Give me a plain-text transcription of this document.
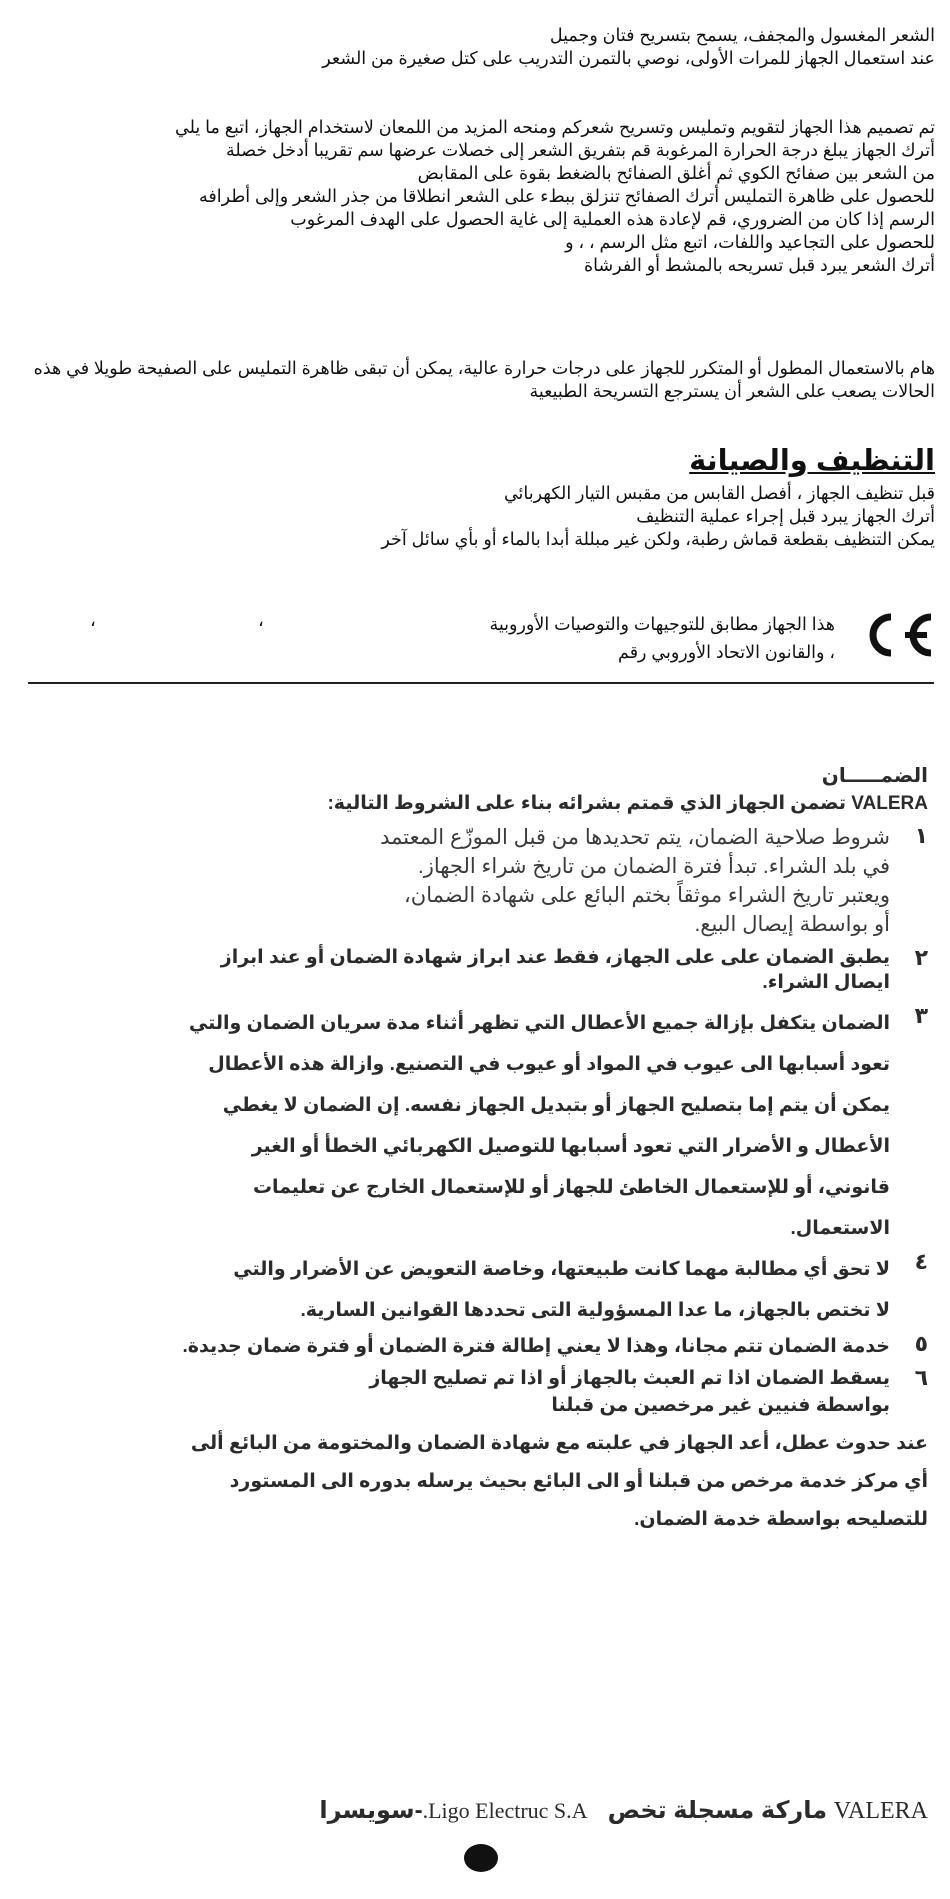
الشعر المغسول والمجفف، يسمح بتسريح فتان وجميل

عند استعمال الجهاز للمرات الأولى، نوصي بالتمرن التدريب على كتل صغيرة من الشعر

تم تصميم هذا الجهاز لتقويم وتمليس وتسريح شعركم ومنحه المزيد من اللمعان لاستخدام الجهاز، اتبع ما يلي

أترك الجهاز يبلغ درجة الحرارة المرغوبة قم بتفريق الشعر إلى خصلات عرضها سم تقريبا أدخل خصلة

من الشعر بين صفائح الكوي ثم أغلق الصفائح بالضغط بقوة على المقابض

للحصول على ظاهرة التمليس أترك الصفائح تنزلق ببطء على الشعر انطلاقا من جذر الشعر وإلى أطرافه

الرسم إذا كان من الضروري، قم لإعادة هذه العملية إلى غاية الحصول على الهدف المرغوب

للحصول على التجاعيد واللفات، اتبع مثل الرسم ، ، و

أترك الشعر يبرد قبل تسريحه بالمشط أو الفرشاة

هام بالاستعمال المطول أو المتكرر للجهاز على درجات حرارة عالية، يمكن أن تبقى ظاهرة التمليس على الصفيحة طويلا في هذه الحالات يصعب على الشعر أن يسترجع التسريحة الطبيعية

التنظيف والصيانة

قبل تنظيف الجهاز ، أفصل القابس من مقبس التيار الكهربائي

أترك الجهاز يبرد قبل إجراء عملية التنظيف

يمكن التنظيف بقطعة قماش رطبة، ولكن غير مبللة أبدا بالماء أو بأي سائل آخر

هذا الجهاز مطابق للتوجيهات والتوصيات الأوروبية

، والقانون الاتحاد الأوروبي رقم

،
،

الضمـــــان

VALERA تضمن الجهاز الذي قمتم بشرائه بناء على الشروط التالية:

١

شروط صلاحية الضمان، يتم تحديدها من قبل الموزّع المعتمد

في بلد الشراء. تبدأ فترة الضمان من تاريخ شراء الجهاز.

ويعتبر تاريخ الشراء موثقاً بختم البائع على شهادة الضمان،

أو بواسطة إيصال البيع.

٢

يطبق الضمان على على الجهاز، فقط عند ابراز شهادة الضمان أو عند ابراز

ايصال الشراء.

٣

الضمان يتكفل بإزالة جميع الأعطال التي تظهر أثناء مدة سريان الضمان والتي

تعود أسبابها الى عيوب في المواد أو عيوب في التصنيع. وازالة هذه الأعطال

يمكن أن يتم إما بتصليح الجهاز أو بتبديل الجهاز نفسه. إن الضمان لا يغطي

الأعطال و الأضرار التي تعود أسبابها للتوصيل الكهربائي الخطأ أو الغير

قانوني، أو للإستعمال الخاطئ للجهاز أو للإستعمال الخارج عن تعليمات

الاستعمال.

٤

لا تحق أي مطالبة مهما كانت طبيعتها، وخاصة التعويض عن الأضرار والتي

لا تختص بالجهاز، ما عدا المسؤولية التى تحددها القوانين السارية.

٥

خدمة الضمان تتم مجانا، وهذا لا يعني إطالة فترة الضمان أو فترة ضمان جديدة.

٦

يسقط الضمان اذا تم العبث بالجهاز أو اذا تم تصليح الجهاز

بواسطة فنيين غير مرخصين من قبلنا

عند حدوث عطل، أعد الجهاز في علبته مع شهادة الضمان والمختومة من البائع ألى

أي مركز خدمة مرخص من قبلنا أو الى البائع بحيث يرسله بدوره الى المستورد

للتصليحه بواسطة خدمة الضمان.

VALERA ماركة مسجلة تخص   Ligo Electruc S.A.-سويسرا
